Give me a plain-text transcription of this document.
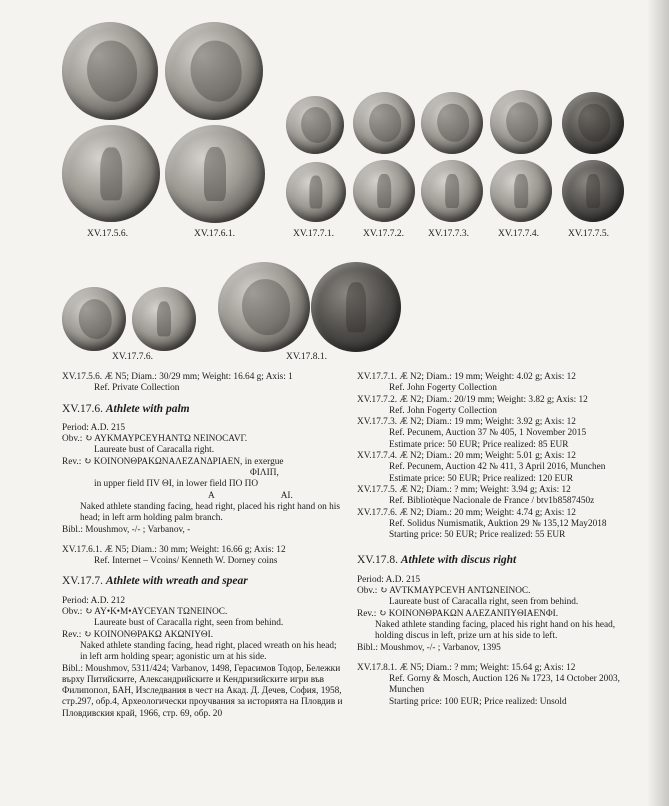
XV.17.5.6.	XV.17.6.1.	XV.17.7.1.	XV.17.7.2.	XV.17.7.3.	XV.17.7.4.	XV.17.7.5.
XV.17.7.6.	XV.17.8.1.

XV.17.5.6. Æ N5; Diam.: 30/29 mm; Weight: 16.64 g; Axis: 1

Ref. Private Collection

XV.17.6. Athlete with palm

Period: A.D. 215

Obv.: ↻ AYKMAYPCEYHANTΩ NEINOCAVΓ.

Laureate bust of Caracalla right.

Rev.: ↻ KOINONΘPAKΩNAΛEZANΔPIAEN, in exergue

ΦIΛIΠ,

in upper field ΠV ΘI, in lower field ΠO ΠO

A	AI.

Naked athlete standing facing, head right, placed his right hand on his head; in left arm holding palm branch.

Bibl.: Moushmov, -/- ; Varbanov, -

XV.17.6.1. Æ N5; Diam.: 30 mm; Weight: 16.66 g; Axis: 12

Ref. Internet – Vcoins/ Kenneth W. Dorney coins

XV.17.7. Athlete with wreath and spear

Period: A.D. 212

Obv.: ↻ AY•K•M•AYCEYAN TΩNEINOC.

Laureate bust of Caracalla right, seen from behind.

Rev.: ↻ KOINONΘPAKΩ AKΩNIYΘI.

Naked athlete standing facing, head right, placed wreath on his head; in left arm holding spear; agonistic urn at his side.

Bibl.: Moushmov, 5311/424; Varbanov, 1498, Герасимов Тодор, Бележки върху Питийските, Александрийските и Кендризийските игри във Филипопол, БАН, Изследвания в чест на Акад. Д. Дечев, София, 1958, стр.297, обр.4, Археологически проучвания за историята на Пловдив и Пловдивския край, 1966, стр. 69, обр. 20

XV.17.7.1. Æ N2; Diam.: 19 mm; Weight: 4.02 g; Axis: 12

Ref. John Fogerty Collection

XV.17.7.2. Æ N2; Diam.: 20/19 mm; Weight: 3.82 g; Axis: 12

Ref. John Fogerty Collection

XV.17.7.3. Æ N2; Diam.: 19 mm; Weight: 3.92 g; Axis: 12

Ref. Pecunem, Auction 37 № 405, 1 November 2015

Estimate price: 50 EUR; Price realized: 85 EUR

XV.17.7.4. Æ N2; Diam.: 20 mm; Weight: 5.01 g; Axis: 12

Ref. Pecunem, Auction 42 № 411, 3 April 2016, Munchen

Estimate price: 50 EUR; Price realized: 120 EUR

XV.17.7.5. Æ N2; Diam.: ? mm; Weight: 3.94 g; Axis: 12

Ref. Bibliotèque Nacionale de France / btv1b8587450z

XV.17.7.6. Æ N2; Diam.: 20 mm; Weight: 4.74 g; Axis: 12

Ref. Solidus Numismatik, Auktion 29 № 135,12 May2018

Starting price: 50 EUR; Price realized: 55 EUR

XV.17.8. Athlete with discus right

Period: A.D. 215

Obv.: ↻ AVTKMAYPCEVH ANTΩNEINOC.

Laureate bust of Caracalla right, seen from behind.

Rev.: ↻ KOINONΘPAKΩN AΛEZANΠYΘIAENΦI.

Naked athlete standing facing, placed his right hand on his head, holding discus in left, prize urn at his side to left.

Bibl.: Moushmov, -/- ; Varbanov, 1395

XV.17.8.1. Æ N5; Diam.: ? mm; Weight: 15.64 g; Axis: 12

Ref. Gorny & Mosch, Auction 126 № 1723, 14 October 2003, Munchen

Starting price: 100 EUR; Price realized: Unsold
